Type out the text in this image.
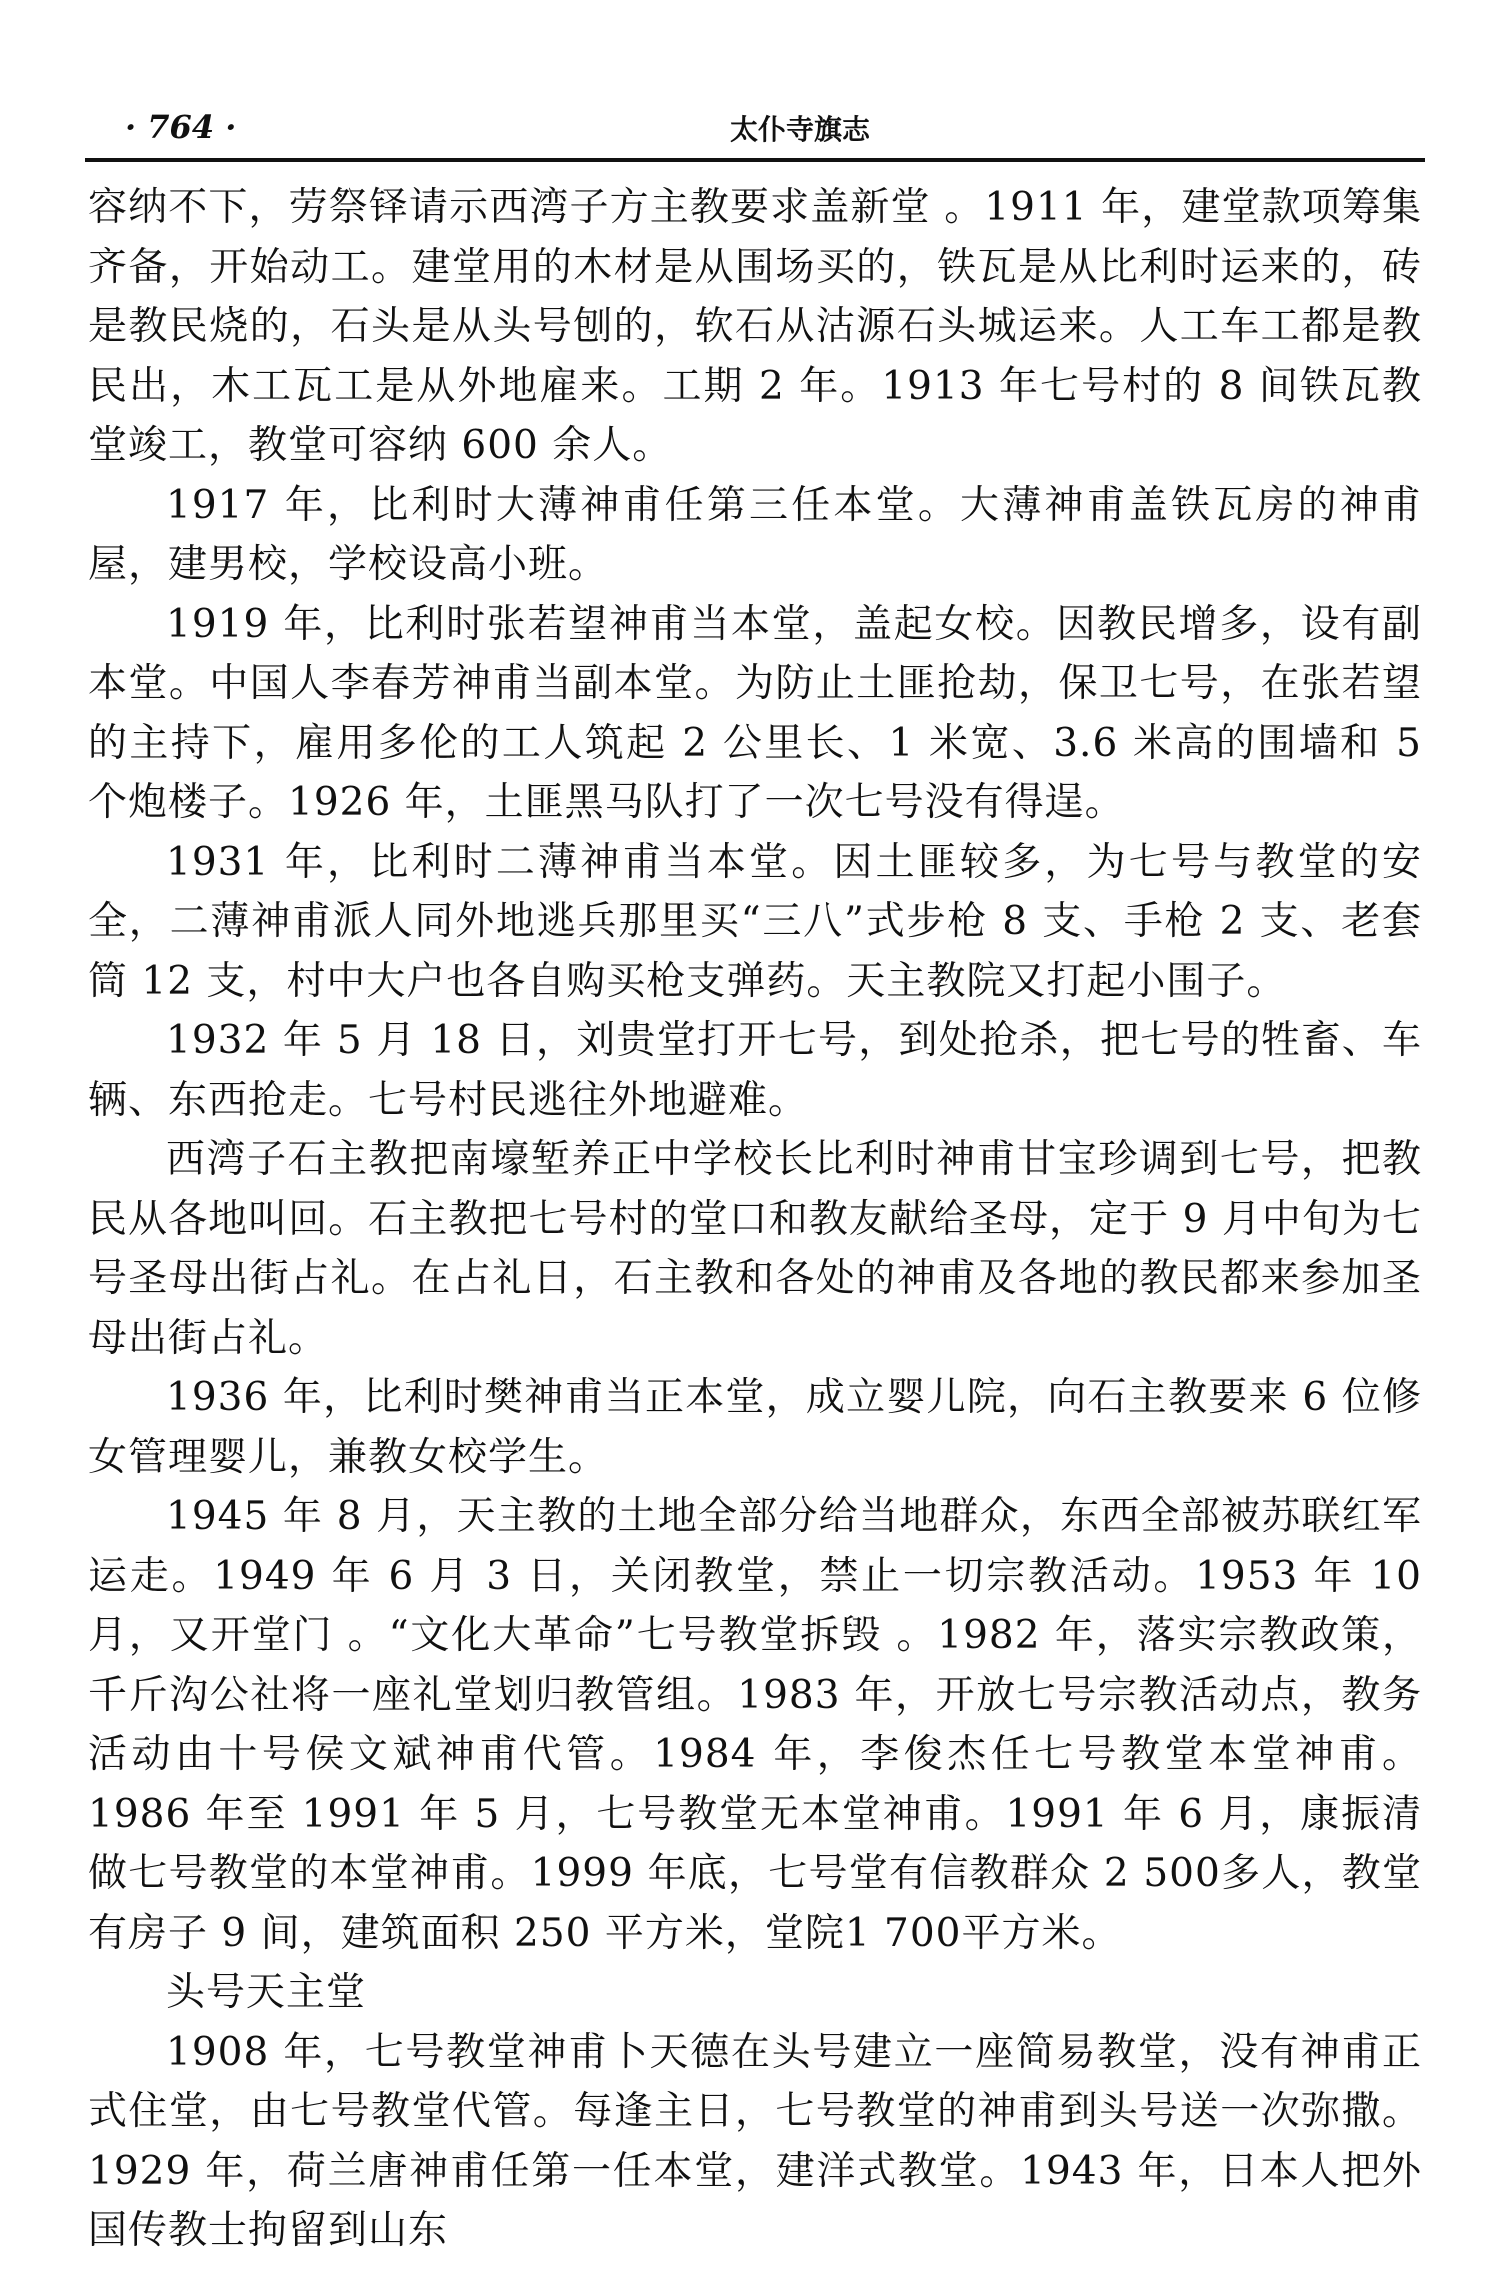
· 764 ·	太仆寺旗志

容纳不下，劳祭铎请示西湾子方主教要求盖新堂 。1911 年，建堂款项筹集齐备，开始动工。建堂用的木材是从围场买的，铁瓦是从比利时运来的，砖是教民烧的，石头是从头号刨的，软石从沽源石头城运来。人工车工都是教民出，木工瓦工是从外地雇来。工期 2 年。1913 年七号村的 8 间铁瓦教堂竣工，教堂可容纳 600 余人。

1917 年，比利时大薄神甫任第三任本堂。大薄神甫盖铁瓦房的神甫屋，建男校，学校设高小班。

1919 年，比利时张若望神甫当本堂，盖起女校。因教民增多，设有副本堂。中国人李春芳神甫当副本堂。为防止土匪抢劫，保卫七号，在张若望的主持下，雇用多伦的工人筑起 2 公里长、1 米宽、3.6 米高的围墙和 5 个炮楼子。1926 年，土匪黑马队打了一次七号没有得逞。

1931 年，比利时二薄神甫当本堂。因土匪较多，为七号与教堂的安全，二薄神甫派人同外地逃兵那里买“三八”式步枪 8 支、手枪 2 支、老套筒 12 支，村中大户也各自购买枪支弹药。天主教院又打起小围子。

1932 年 5 月 18 日，刘贵堂打开七号，到处抢杀，把七号的牲畜、车辆、东西抢走。七号村民逃往外地避难。

西湾子石主教把南壕堑养正中学校长比利时神甫甘宝珍调到七号，把教民从各地叫回。石主教把七号村的堂口和教友献给圣母，定于 9 月中旬为七号圣母出街占礼。在占礼日，石主教和各处的神甫及各地的教民都来参加圣母出街占礼。

1936 年，比利时樊神甫当正本堂，成立婴儿院，向石主教要来 6 位修女管理婴儿，兼教女校学生。

1945 年 8 月，天主教的土地全部分给当地群众，东西全部被苏联红军运走。1949 年 6 月 3 日，关闭教堂，禁止一切宗教活动。1953 年 10 月，又开堂门 。“文化大革命”七号教堂拆毁 。1982 年，落实宗教政策，千斤沟公社将一座礼堂划归教管组。1983 年，开放七号宗教活动点，教务活动由十号侯文斌神甫代管。1984 年，李俊杰任七号教堂本堂神甫。1986 年至 1991 年 5 月，七号教堂无本堂神甫。1991 年 6 月，康振清做七号教堂的本堂神甫。1999 年底，七号堂有信教群众 2 500多人，教堂有房子 9 间，建筑面积 250 平方米，堂院1 700平方米。

头号天主堂

1908 年，七号教堂神甫卜天德在头号建立一座简易教堂，没有神甫正式住堂，由七号教堂代管。每逢主日，七号教堂的神甫到头号送一次弥撒。1929 年，荷兰唐神甫任第一任本堂，建洋式教堂。1943 年，日本人把外国传教士拘留到山东
